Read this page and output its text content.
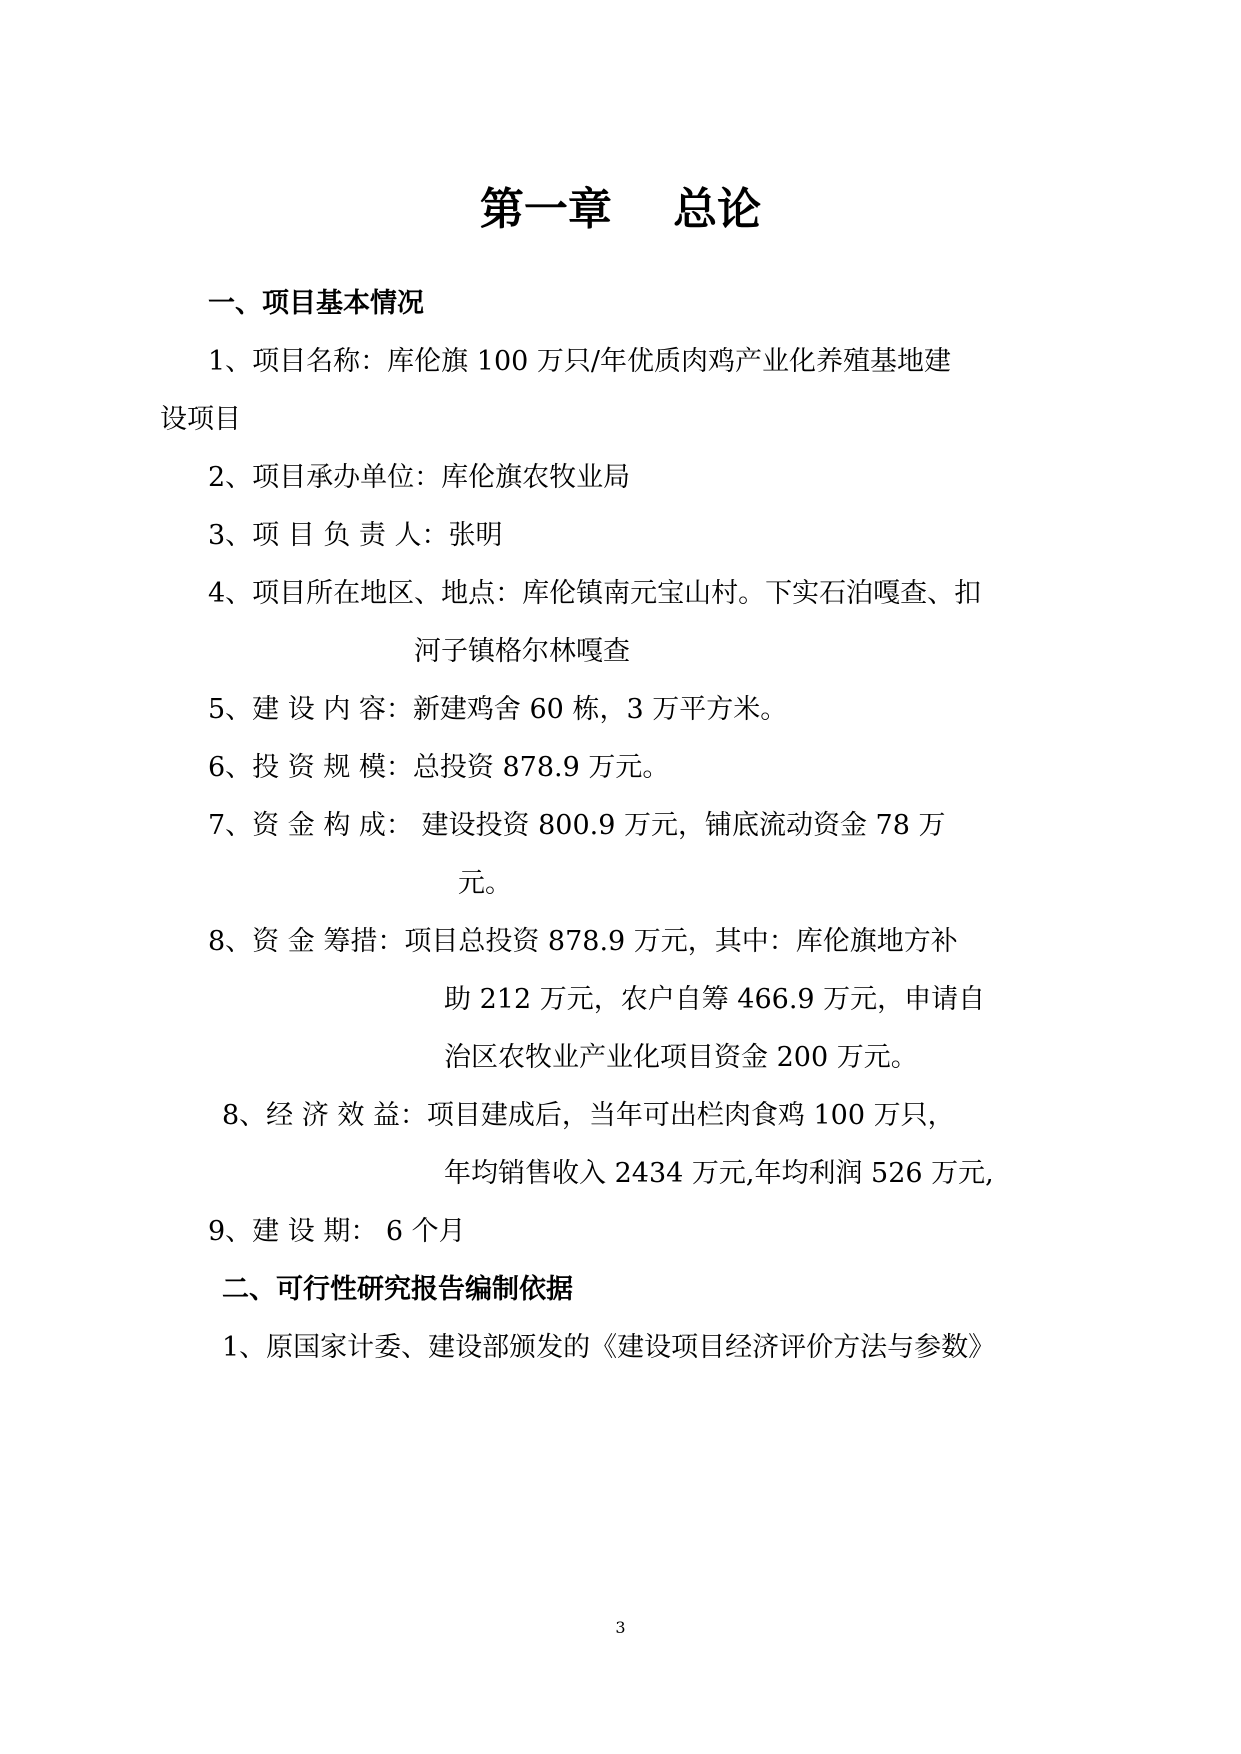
第一章    总论
一、项目基本情况
1、项目名称：库伦旗 100 万只/年优质肉鸡产业化养殖基地建
设项目
2、项目承办单位：库伦旗农牧业局
3、项 目 负 责 人：张明
4、项目所在地区、地点：库伦镇南元宝山村。下实石泊嘎查、扣
河子镇格尔林嘎查
5、建 设 内 容：新建鸡舍 60 栋，3 万平方米。
6、投 资 规 模：总投资 878.9 万元。
7、资 金 构 成： 建设投资 800.9 万元，铺底流动资金 78 万
元。
8、资 金 筹措：项目总投资 878.9 万元，其中：库伦旗地方补
助 212 万元，农户自筹 466.9 万元，申请自
治区农牧业产业化项目资金 200 万元。
8、经 济 效 益：项目建成后，当年可出栏肉食鸡 100 万只，
年均销售收入 2434 万元,年均利润 526 万元,
9、建 设 期： 6 个月
二、可行性研究报告编制依据
1、原国家计委、建设部颁发的《建设项目经济评价方法与参数》
3
